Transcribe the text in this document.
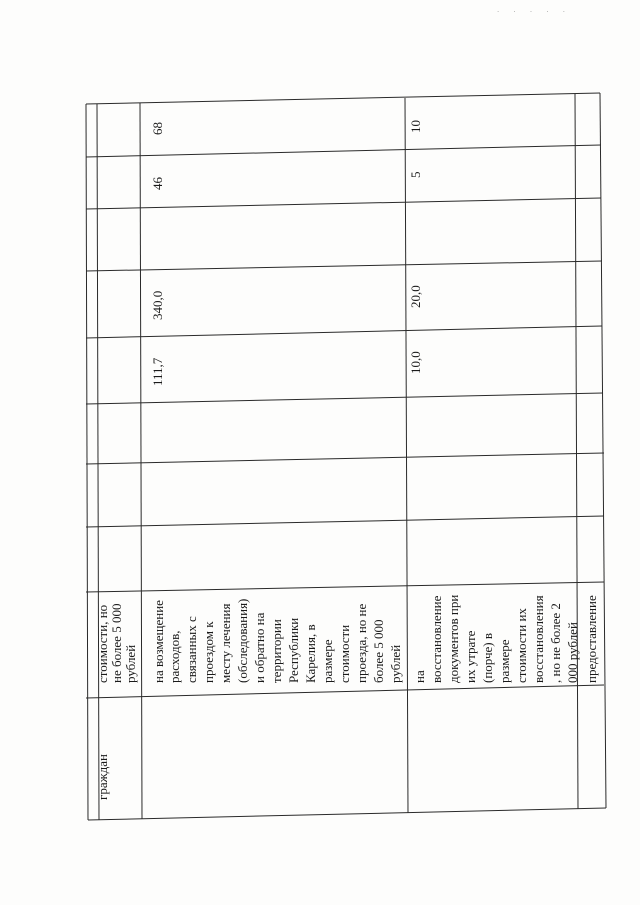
· · · · ·
граждан
стоимости, но не более 5 000 рублей на возмещение расходов, связанных с проездом к месту лечения (обследования) и обратно на территории Республики Карелия, в размере стоимости проезда, но не более 5 000 рублей
111,7
340,0
46
68
на восстановление документов при их утрате (порче) в размере стоимости их восстановления , но не более 2 000 рублей
10,0
20,0
5
10
предоставление
